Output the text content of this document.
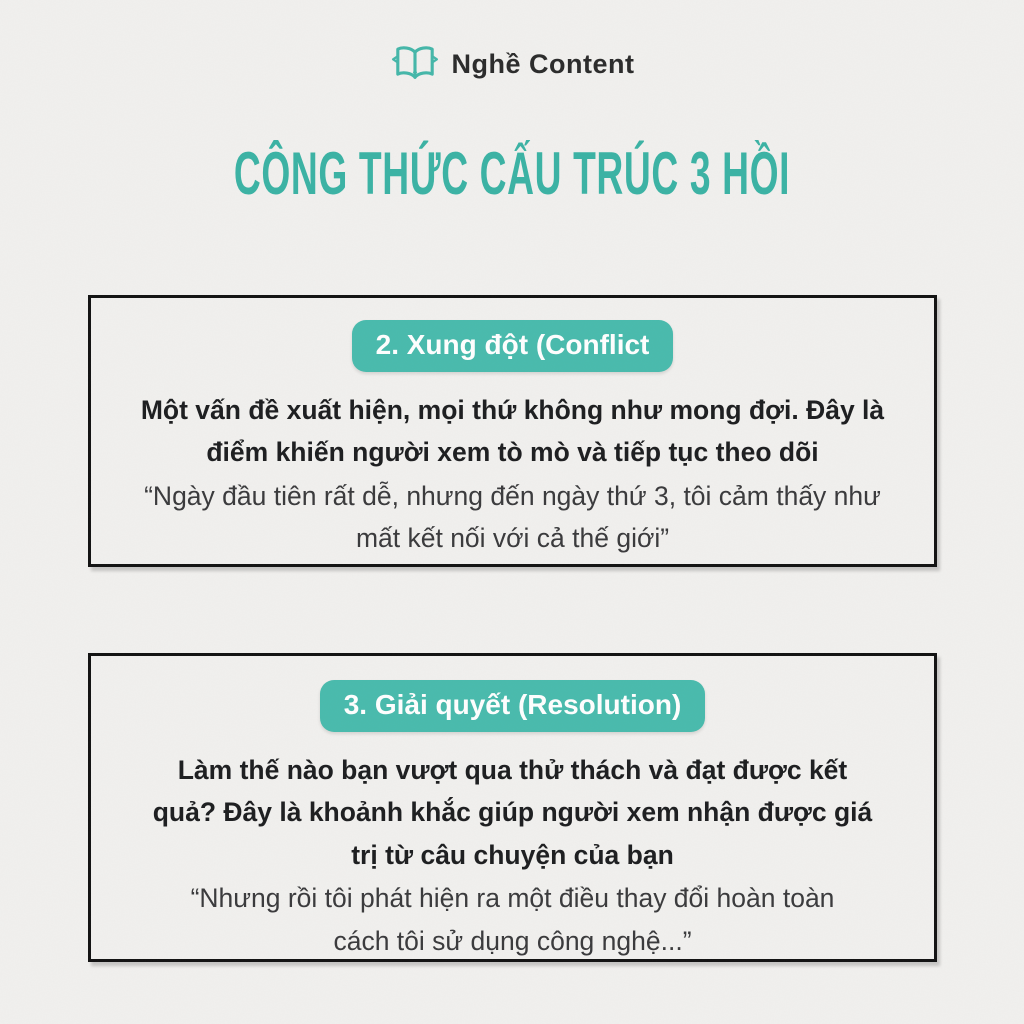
Nghề Content
CÔNG THỨC CẤU TRÚC 3 HỒI
2. Xung đột (Conflict
Một vấn đề xuất hiện, mọi thứ không như mong đợi. Đây là
điểm khiến người xem tò mò và tiếp tục theo dõi
“Ngày đầu tiên rất dễ, nhưng đến ngày thứ 3, tôi cảm thấy như
mất kết nối với cả thế giới”
3. Giải quyết (Resolution)
Làm thế nào bạn vượt qua thử thách và đạt được kết
quả? Đây là khoảnh khắc giúp người xem nhận được giá
trị từ câu chuyện của bạn
“Nhưng rồi tôi phát hiện ra một điều thay đổi hoàn toàn
cách tôi sử dụng công nghệ...”
